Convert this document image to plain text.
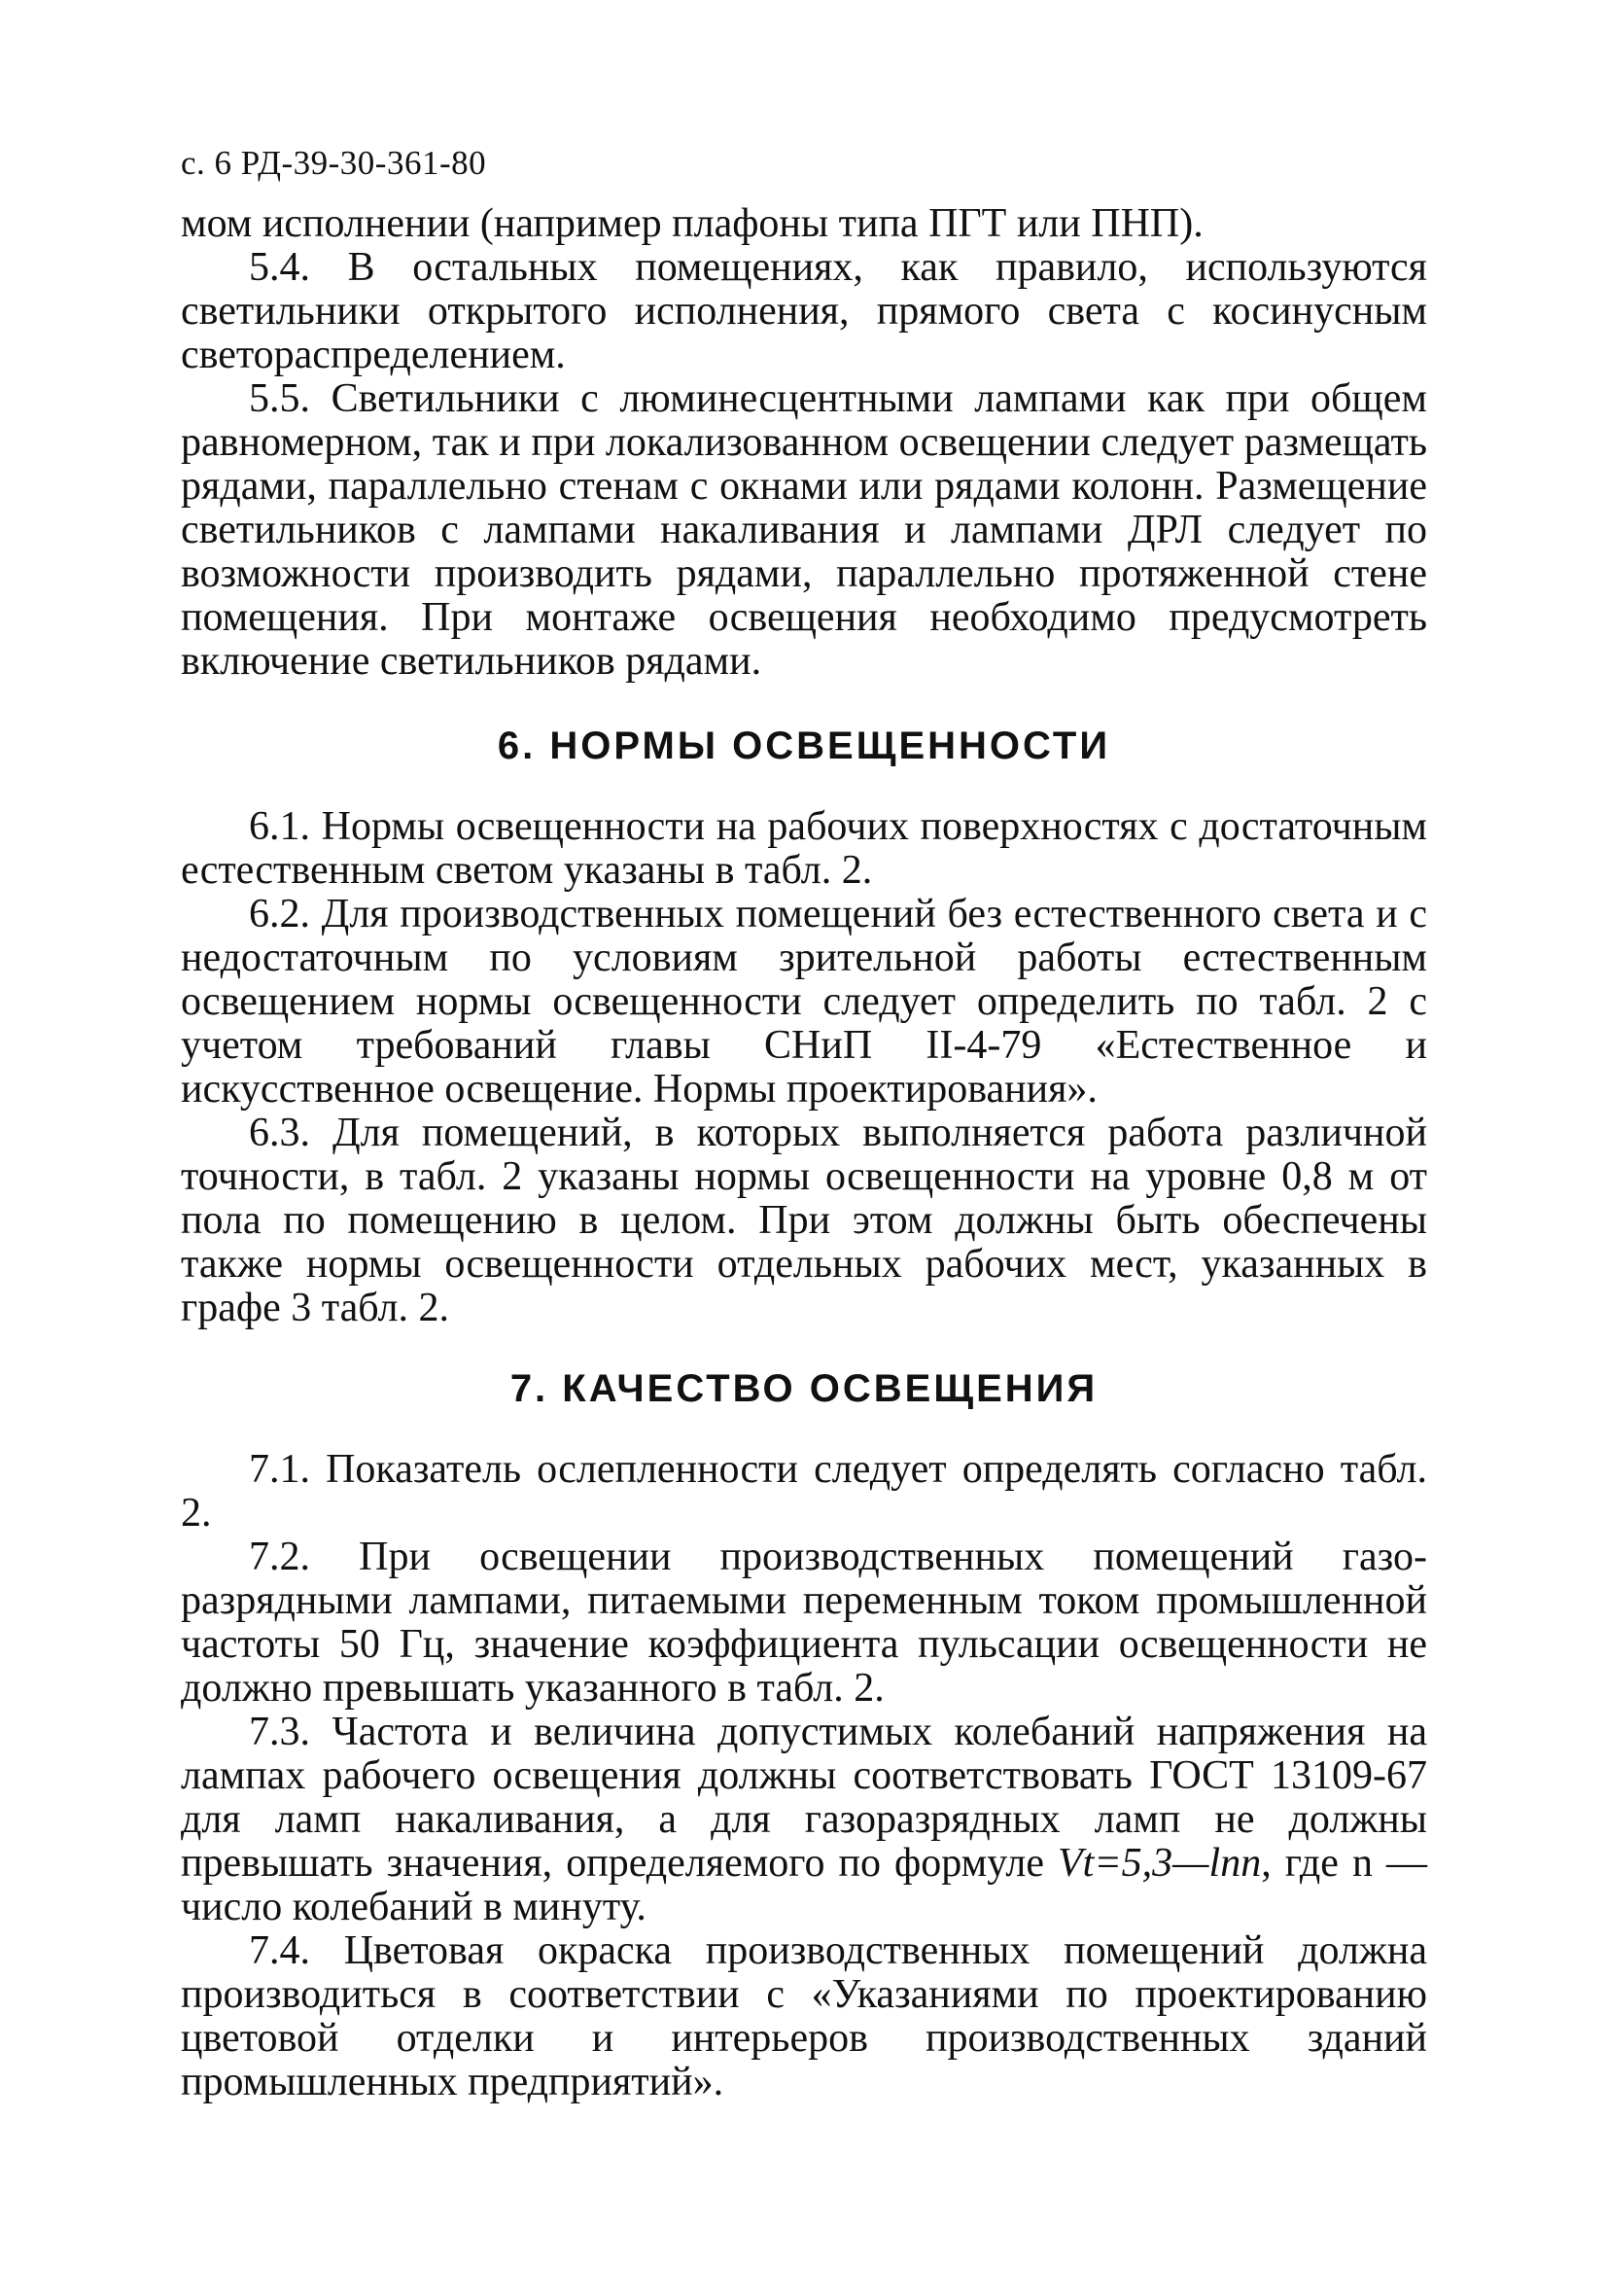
с. 6 РД-39-30-361-80

мом исполнении (например плафоны типа ПГТ или ПНП).

5.4. В остальных помещениях, как правило, используются светильники открытого исполнения, прямого света с косинусным светораспределением.

5.5. Светильники с люминесцентными лампами как при общем равномерном, так и при локализованном освещении следует размещать рядами, параллельно стенам с окнами или рядами колонн. Размещение светильников с лампами накаливания и лампами ДРЛ следует по возможности производить рядами, параллельно протяженной стене помещения. При монтаже освещения необходимо предусмотреть включение светильников рядами.

6. НОРМЫ ОСВЕЩЕННОСТИ

6.1. Нормы освещенности на рабочих поверхностях с достаточным естественным светом указаны в табл. 2.

6.2. Для производственных помещений без естественного света и с недостаточным по условиям зрительной работы естественным освещением нормы освещенности следует определить по табл. 2 с учетом требований главы СНиП II-4-79 «Естественное и искусственное освещение. Нормы проектирования».

6.3. Для помещений, в которых выполняется работа различной точности, в табл. 2 указаны нормы освещенности на уровне 0,8 м от пола по помещению в целом. При этом должны быть обеспечены также нормы освещенности отдельных рабочих мест, указанных в графе 3 табл. 2.

7. КАЧЕСТВО ОСВЕЩЕНИЯ

7.1. Показатель ослепленности следует определять согласно табл. 2.

7.2. При освещении производственных помещений газоразрядными лампами, питаемыми переменным током промышленной частоты 50 Гц, значение коэффициента пульсации освещенности не должно превышать указанного в табл. 2.

7.3. Частота и величина допустимых колебаний напряжения на лампах рабочего освещения должны соответствовать ГОСТ 13109-67 для ламп накаливания, а для газоразрядных ламп не должны превышать значения, определяемого по формуле Vt=5,3—lnn, где n — число колебаний в минуту.

7.4. Цветовая окраска производственных помещений должна производиться в соответствии с «Указаниями по проектированию цветовой отделки и интерьеров производственных зданий промышленных предприятий».
